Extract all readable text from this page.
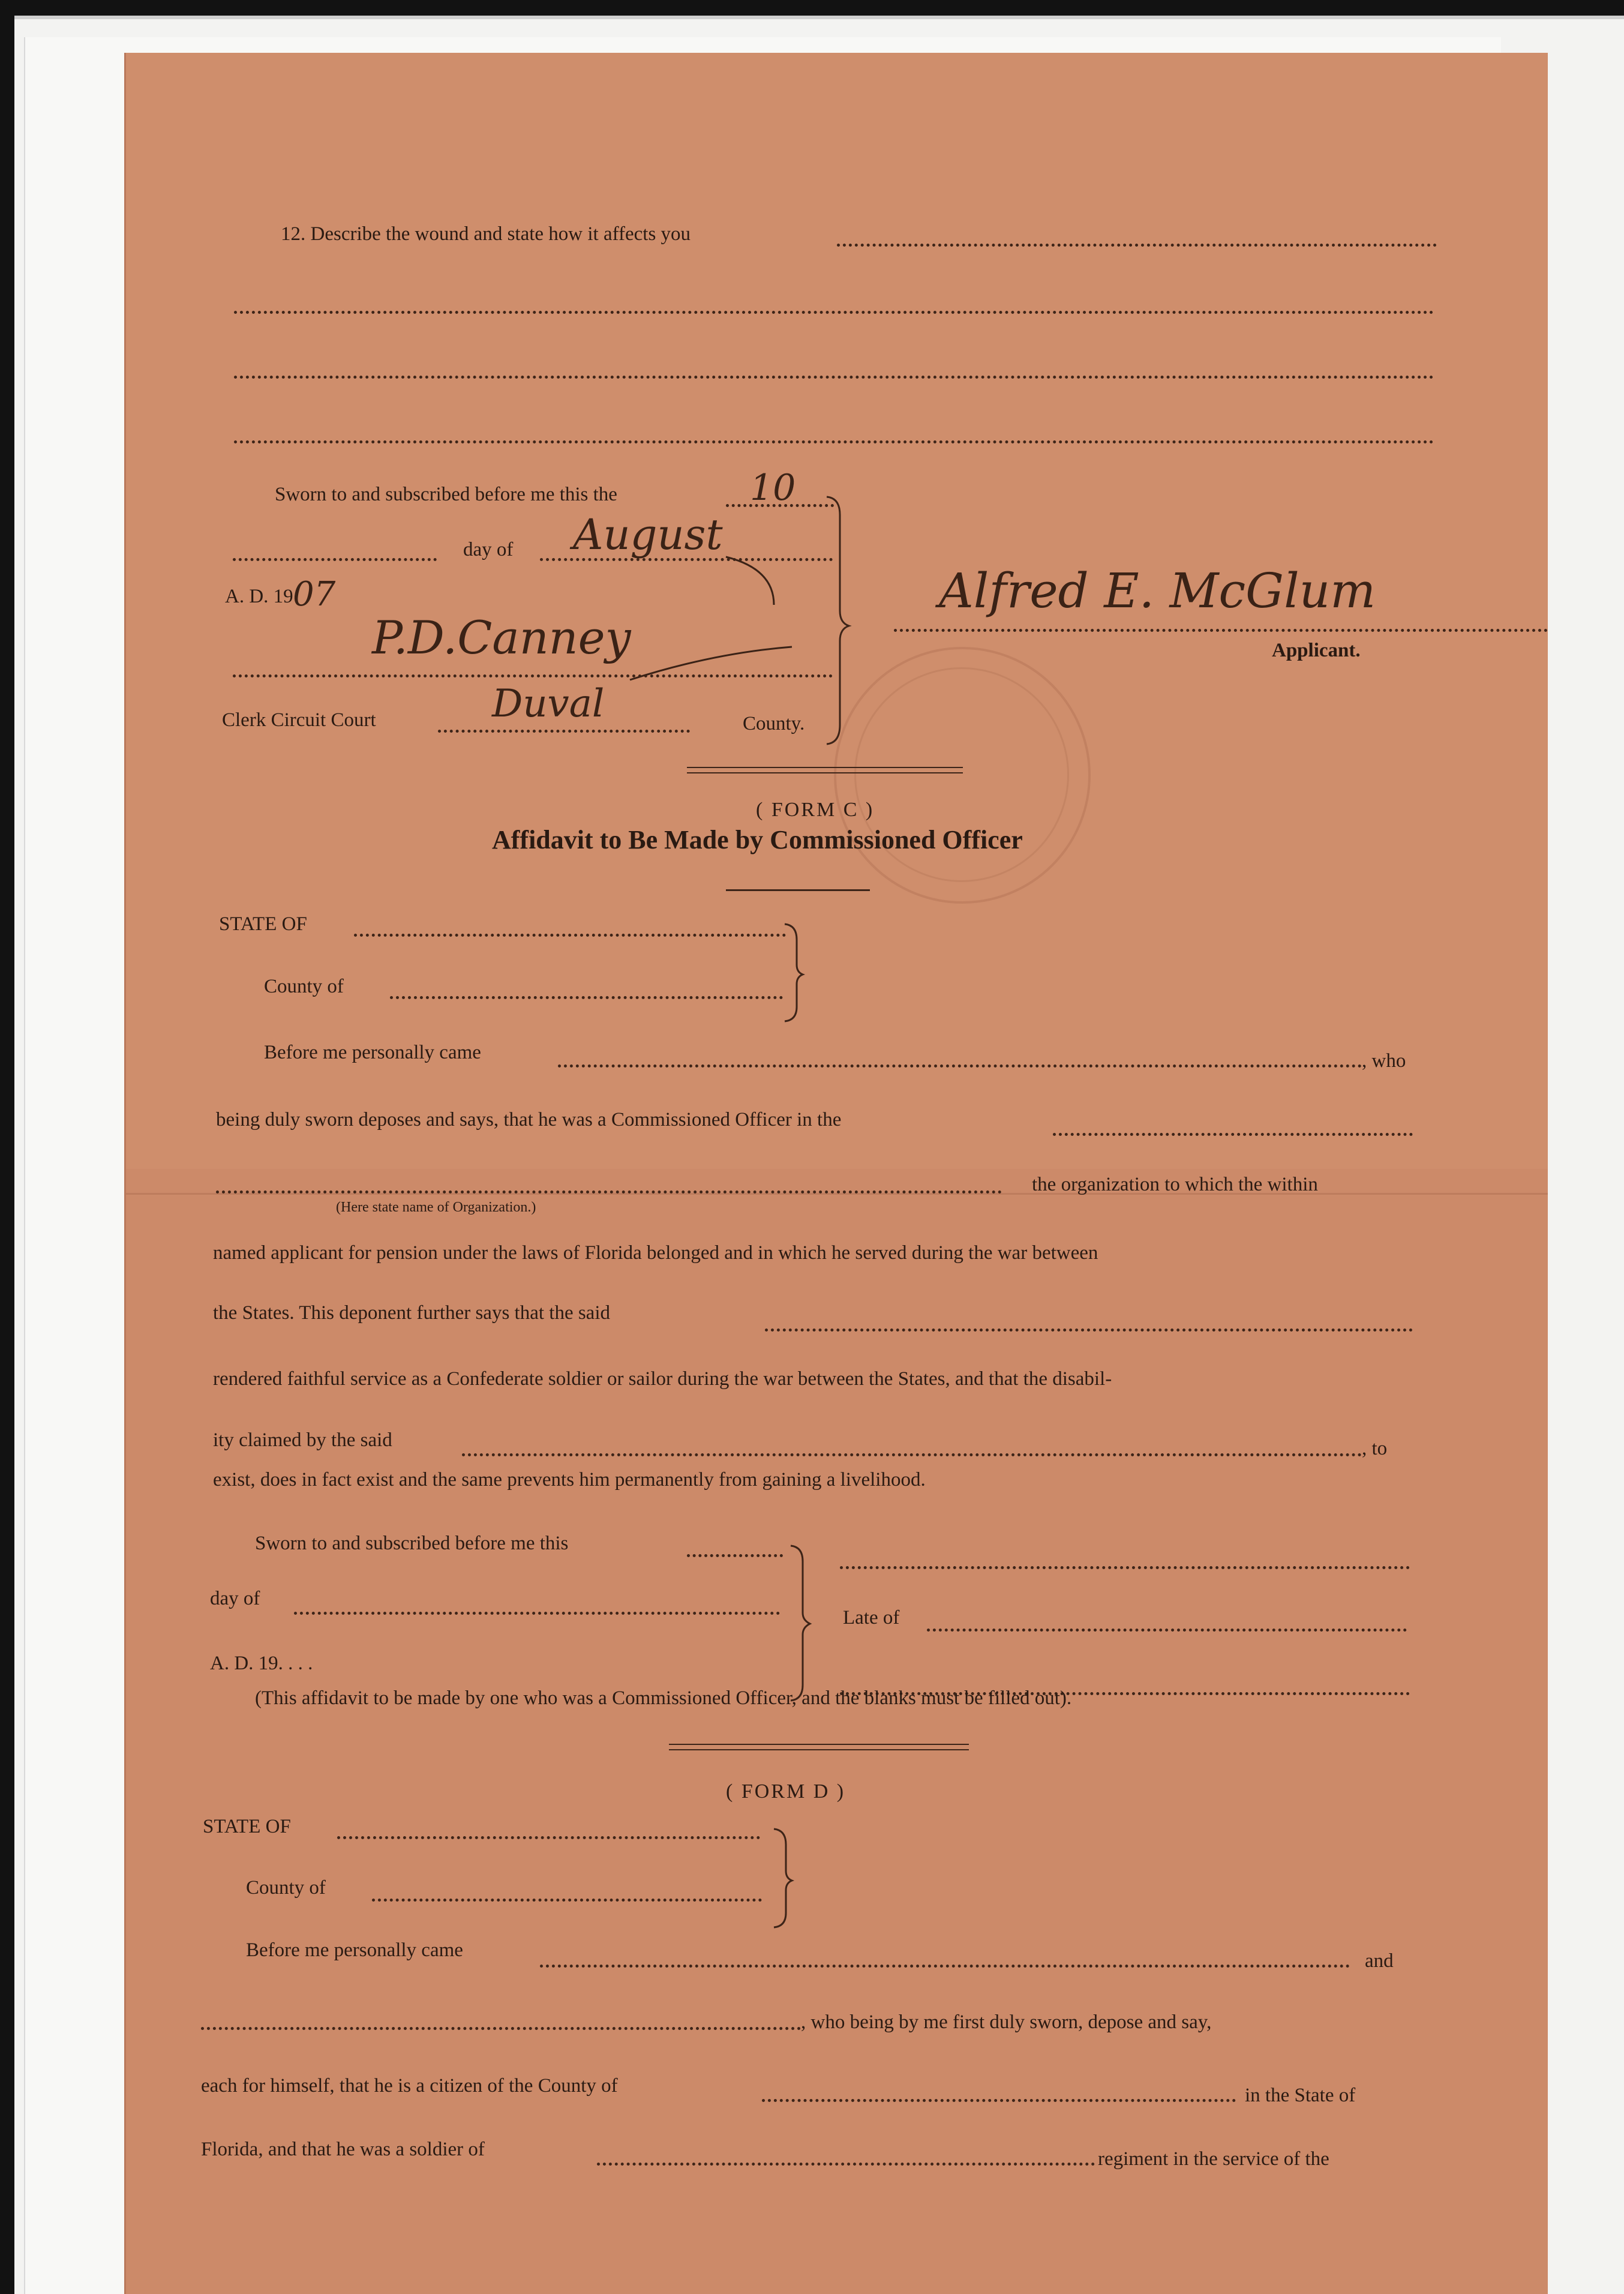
12. Describe the wound and state how it affects you
Sworn to and subscribed before me this the	10
day of August
A. D. 19 07
P.D.Canney
Clerk Circuit Court	Duval	County.
Alfred E. McGlum
Applicant.
( FORM C )
Affidavit to Be Made by Commissioned Officer
STATE OF
County of
Before me personally came	, who
being duly sworn deposes and says, that he was a Commissioned Officer in the
(Here state name of Organization.)
the organization to which the within
named applicant for pension under the laws of Florida belonged and in which he served during the war between
the States. This deponent further says that the said
rendered faithful service as a Confederate soldier or sailor during the war between the States, and that the disabil-
ity claimed by the said	, to
exist, does in fact exist and the same prevents him permanently from gaining a livelihood.
Sworn to and subscribed before me this
day of
Late of
A. D. 19. . . .
(This affidavit to be made by one who was a Commissioned Officer, and the blanks must be filled out).
( FORM D )
STATE OF
County of
Before me personally came	and
, who being by me first duly sworn, depose and say,
each for himself, that he is a citizen of the County of	in the State of
Florida, and that he was a soldier of	regiment in the service of the
